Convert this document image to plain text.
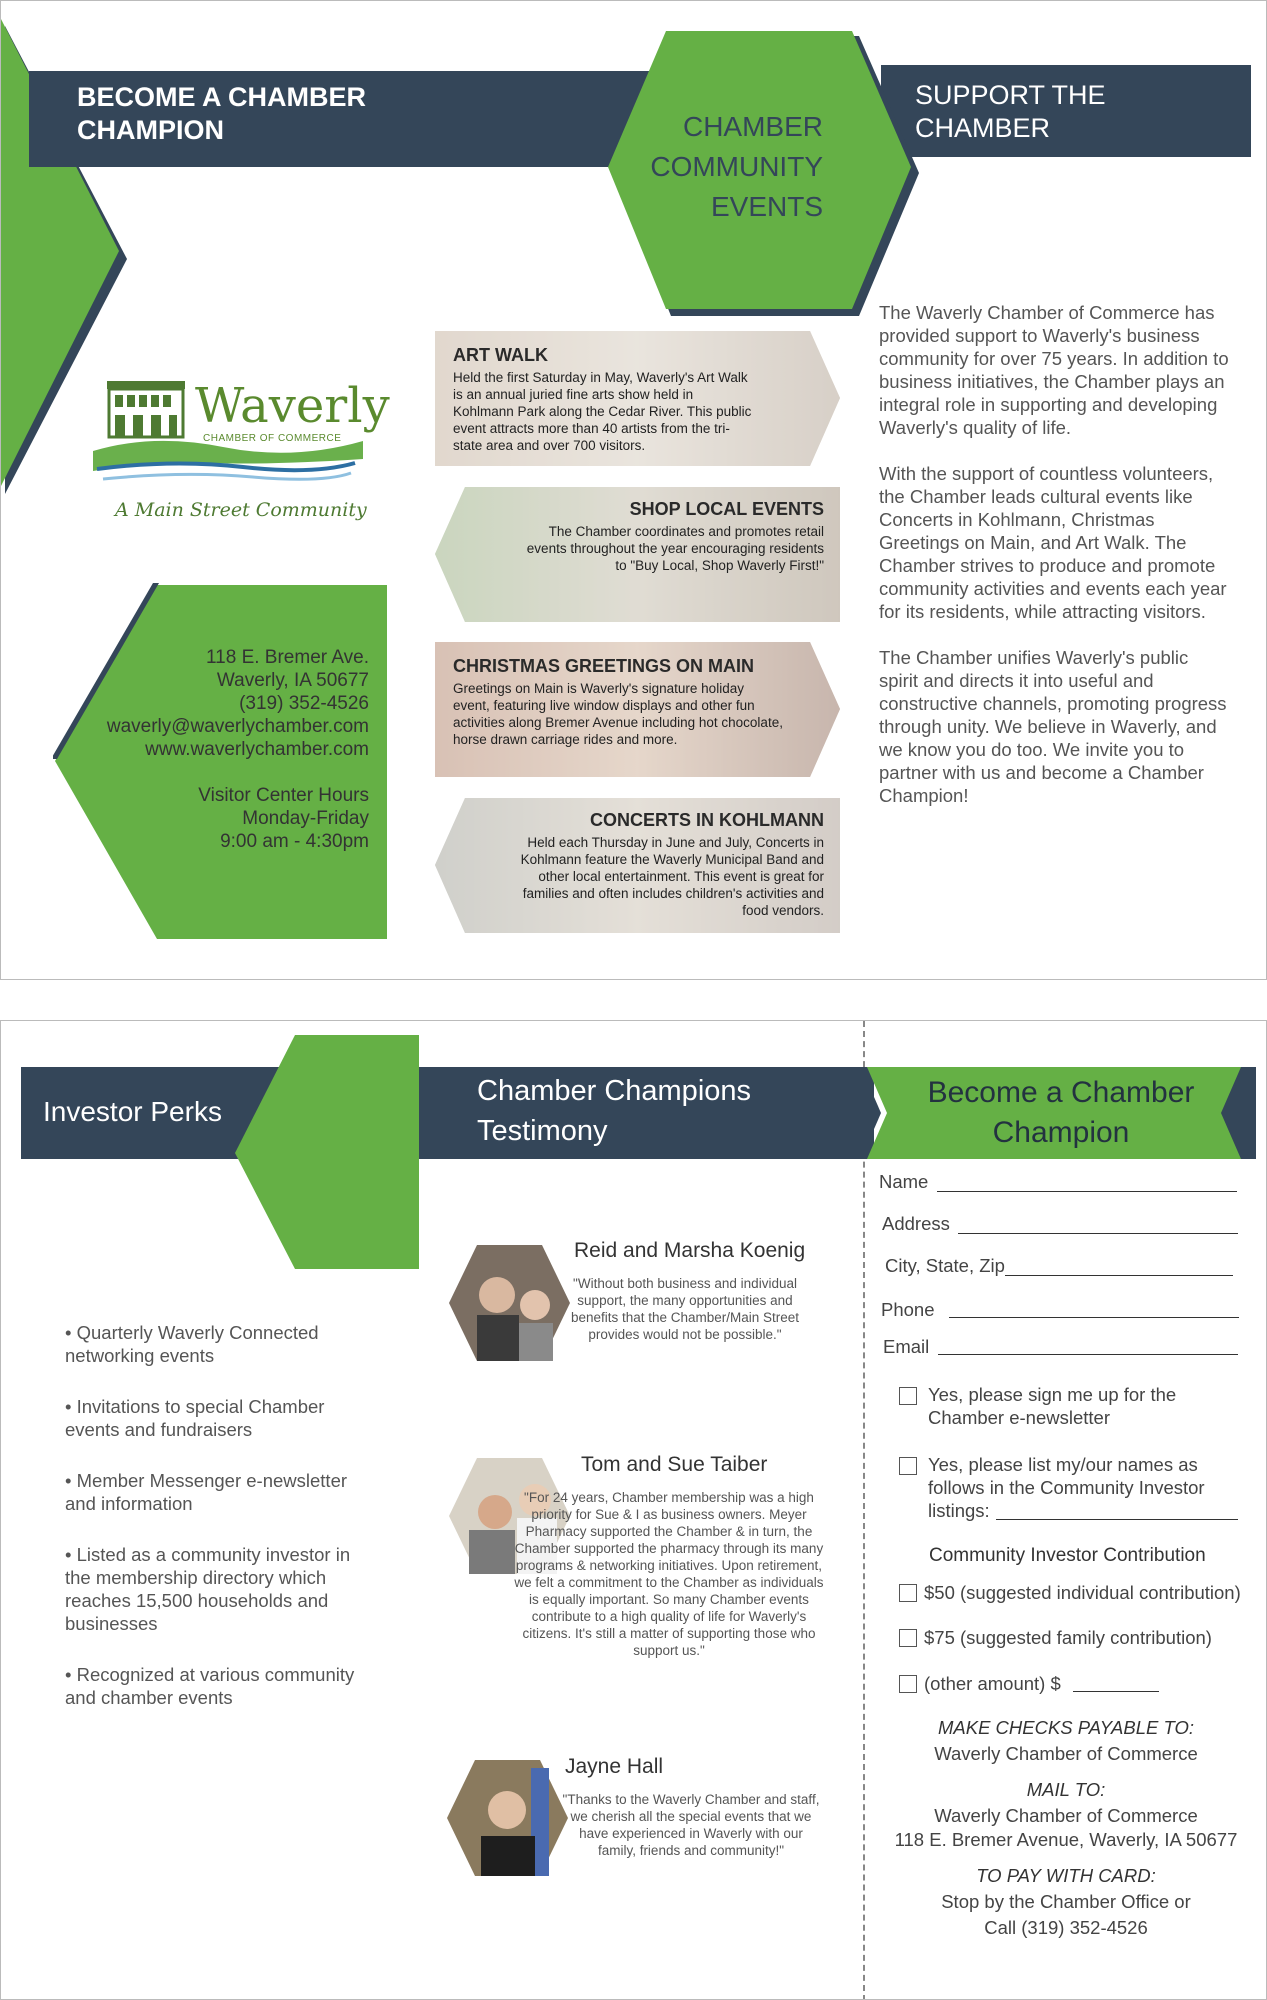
BECOME A CHAMBER CHAMPION
SUPPORT THE CHAMBER
CHAMBER COMMUNITY EVENTS
Waverly
CHAMBER OF COMMERCE
A Main Street Community
118 E. Bremer Ave.
Waverly, IA 50677
(319) 352-4526
waverly@waverlychamber.com
www.waverlychamber.com
Visitor Center Hours
Monday-Friday
9:00 am - 4:30pm
ART WALK
Held the first Saturday in May, Waverly's Art Walk is an annual juried fine arts show held in Kohlmann Park along the Cedar River. This public event attracts more than 40 artists from the tri-state area and over 700 visitors.
SHOP LOCAL EVENTS
The Chamber coordinates and promotes retail events throughout the year encouraging residents to "Buy Local, Shop Waverly First!"
CHRISTMAS GREETINGS ON MAIN
Greetings on Main is Waverly's signature holiday event, featuring live window displays and other fun activities along Bremer Avenue including hot chocolate, horse drawn carriage rides and more.
CONCERTS IN KOHLMANN
Held each Thursday in June and July, Concerts in Kohlmann feature the Waverly Municipal Band and other local entertainment. This event is great for families and often includes children's activities and food vendors.

The Waverly Chamber of Commerce has provided support to Waverly's business community for over 75 years. In addition to business initiatives, the Chamber plays an integral role in supporting and developing Waverly's quality of life.

With the support of countless volunteers, the Chamber leads cultural events like Concerts in Kohlmann, Christmas Greetings on Main, and Art Walk. The Chamber strives to produce and promote community activities and events each year for its residents, while attracting visitors.

The Chamber unifies Waverly's public spirit and directs it into useful and constructive channels, promoting progress through unity. We believe in Waverly, and we know you do too. We invite you to partner with us and become a Chamber Champion!

Investor Perks
Chamber Champions Testimony
Become a Chamber Champion
• Quarterly Waverly Connected networking events
• Invitations to special Chamber events and fundraisers
• Member Messenger e-newsletter and information
• Listed as a community investor in the membership directory which reaches 15,500 households and businesses
• Recognized at various community and chamber events
Reid and Marsha Koenig
"Without both business and individual support, the many opportunities and benefits that the Chamber/Main Street provides would not be possible."
Tom and Sue Taiber
"For 24 years, Chamber membership was a high priority for Sue & I as business owners. Meyer Pharmacy supported the Chamber & in turn, the Chamber supported the pharmacy through its many programs & networking initiatives. Upon retirement, we felt a commitment to the Chamber as individuals is equally important. So many Chamber events contribute to a high quality of life for Waverly's citizens. It's still a matter of supporting those who support us."
Jayne Hall
"Thanks to the Waverly Chamber and staff, we cherish all the special events that we have experienced in Waverly with our family, friends and community!"
Name
Address
City, State, Zip
Phone
Email
Yes, please sign me up for the Chamber e-newsletter
Yes, please list my/our names as follows in the Community Investor listings:
Community Investor Contribution
$50 (suggested individual contribution)
$75 (suggested family contribution)
(other amount) $
MAKE CHECKS PAYABLE TO:
Waverly Chamber of Commerce
MAIL TO:
Waverly Chamber of Commerce
118 E. Bremer Avenue, Waverly, IA 50677
TO PAY WITH CARD:
Stop by the Chamber Office or
Call (319) 352-4526
